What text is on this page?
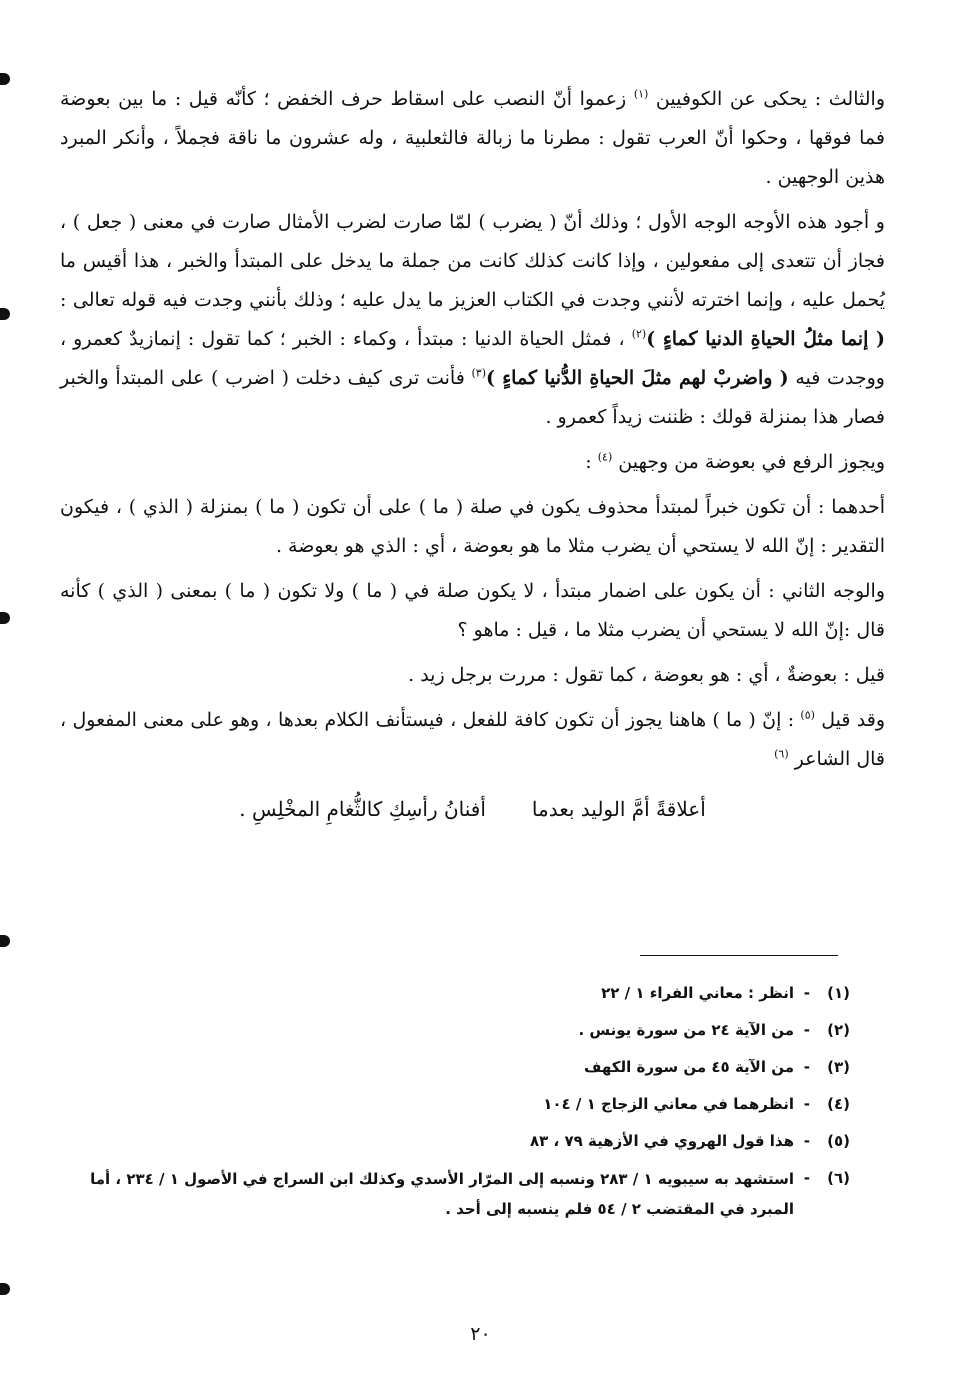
والثالث : يحكى عن الكوفيين $^{(١)}$ زعموا أنّ النصب على اسقاط حرف الخفض ؛ كأنّه قيل : ما بين بعوضة فما فوقها ، وحكوا أنّ العرب تقول : مطرنا ما زبالة فالثعلبية ، وله عشرون ما ناقة فجملاً ، وأنكر المبرد هذين الوجهين .

و أجود هذه الأوجه الوجه الأول ؛ وذلك أنّ ( يضرب ) لمّا صارت لضرب الأمثال صارت في معنى ( جعل ) ، فجاز أن تتعدى إلى مفعولين ، وإذا كانت كذلك كانت من جملة ما يدخل على المبتدأ والخبر ، هذا أقيس ما يُحمل عليه ، وإنما اخترته لأنني وجدت في الكتاب العزيز ما يدل عليه ؛ وذلك بأنني وجدت فيه قوله تعالى : ( إنما مثلُ الحياةِ الدنيا كماءٍ )$^{(٢)}$ ، فمثل الحياة الدنيا : مبتدأ ، وكماء : الخبر ؛ كما تقول : إنمازيدٌ كعمرو ، ووجدت فيه ( واضربْ لهم مثلَ الحياةِ الدُّنيا كماءٍ )$^{(٣)}$ فأنت ترى كيف دخلت ( اضرب ) على المبتدأ والخبر فصار هذا بمنزلة قولك : ظننت زيداً كعمرو .

ويجوز الرفع في بعوضة من وجهين $^{(٤)}$ :

أحدهما : أن تكون خبراً لمبتدأ محذوف يكون في صلة ( ما ) على أن تكون ( ما ) بمنزلة ( الذي ) ، فيكون التقدير : إنّ الله لا يستحي أن يضرب مثلا ما هو بعوضة ، أي : الذي هو بعوضة .

والوجه الثاني : أن يكون على اضمار مبتدأ ، لا يكون صلة في ( ما ) ولا تكون ( ما ) بمعنى ( الذي ) كأنه قال :إنّ الله لا يستحي أن يضرب مثلا ما ، قيل : ماهو ؟

قيل : بعوضةٌ ، أي : هو بعوضة ، كما تقول : مررت برجل زيد .

وقد قيل $^{(٥)}$ : إنّ ( ما ) هاهنا يجوز أن تكون كافة للفعل ، فيستأنف الكلام بعدها ، وهو على معنى المفعول ، قال الشاعر $^{(٦)}$

أعلاقةً أمَّ الوليد بعدما
أفنانُ رأسِكِ كالثُّغامِ المخْلِسِ .
(١)
-
انظر : معاني الفراء ١ / ٢٢
(٢)
-
من الآية ٢٤ من سورة يونس .
(٣)
-
من الآية ٤٥ من سورة الكهف
(٤)
-
انظرهما في معاني الزجاج ١ / ١٠٤
(٥)
-
هذا قول الهروي في الأزهية ٧٩ ، ٨٣
(٦)
-
استشهد به سيبويه ١ / ٢٨٣ ونسبه إلى المرّار الأسدي وكذلك ابن السراج في الأصول ١ / ٢٣٤ ، أما المبرد في المقتضب ٢ / ٥٤ فلم ينسبه إلى أحد .
٢٠
